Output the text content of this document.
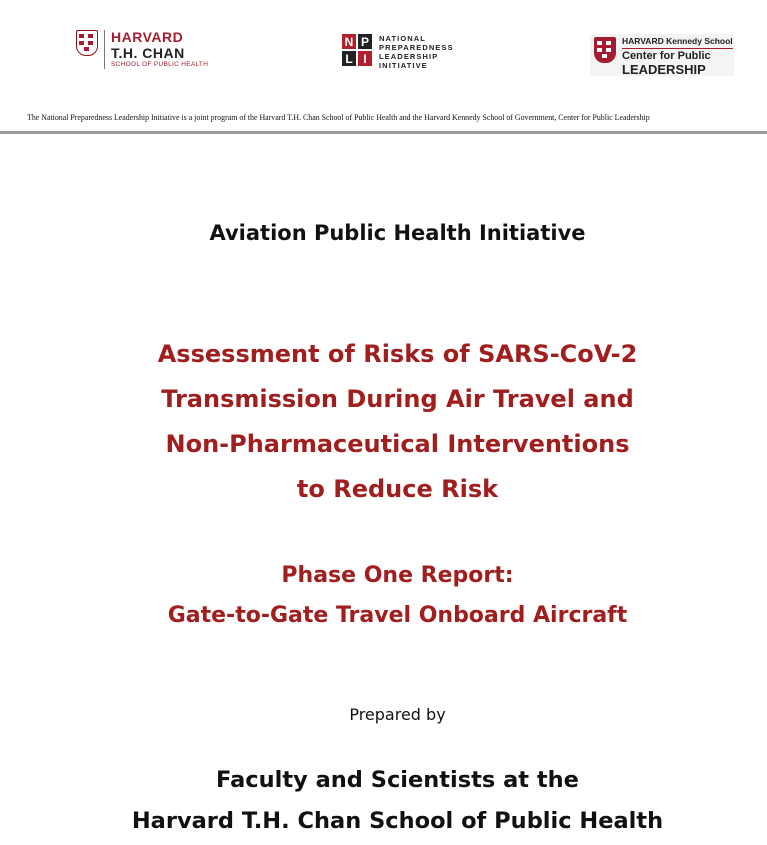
HARVARD
T.H. CHAN
SCHOOL OF PUBLIC HEALTH
N P
L I
NATIONAL
PREPAREDNESS
LEADERSHIP
INITIATIVE
HARVARD Kennedy School
Center for Public
LEADERSHIP
The National Preparedness Leadership Initiative is a joint program of the Harvard T.H. Chan School of Public Health and the Harvard Kennedy School of Government, Center for Public Leadership
Aviation Public Health Initiative
Assessment of Risks of SARS-CoV-2
Transmission During Air Travel and
Non-Pharmaceutical Interventions
to Reduce Risk
Phase One Report:
Gate-to-Gate Travel Onboard Aircraft
Prepared by
Faculty and Scientists at the
Harvard T.H. Chan School of Public Health
